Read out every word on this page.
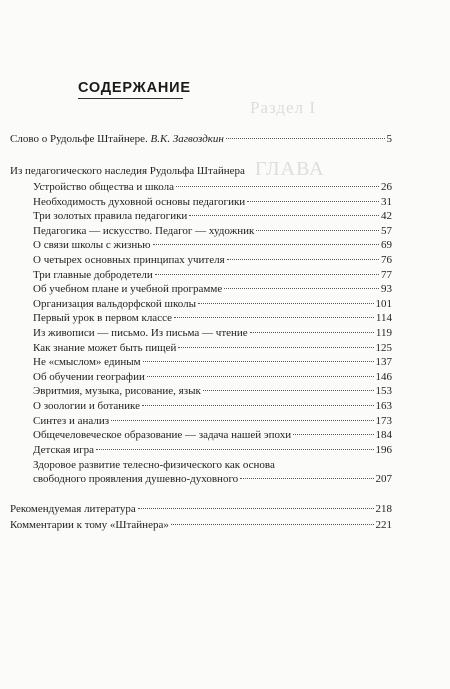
Раздел I
ГЛАВА
СОДЕРЖАНИЕ
Слово о Рудольфе Штайнере. В.К. Загвоздкин	5
Из педагогического наследия Рудольфа Штайнера
Устройство общества и школа	26
Необходимость духовной основы педагогики	31
Три золотых правила педагогики	42
Педагогика — искусство. Педагог — художник	57
О связи школы с жизнью	69
О четырех основных принципах учителя	76
Три главные добродетели	77
Об учебном плане и учебной программе	93
Организация вальдорфской школы	101
Первый урок в первом классе	114
Из живописи — письмо. Из письма — чтение	119
Как знание может быть пищей	125
Не «смыслом» единым	137
Об обучении географии	146
Эвритмия, музыка, рисование, язык	153
О зоологии и ботанике	163
Синтез и анализ	173
Общечеловеческое образование — задача нашей эпохи	184
Детская игра	196
Здоровое развитие телесно-физического как основа
свободного проявления душевно-духовного	207
Рекомендуемая литература	218
Комментарии к тому «Штайнера»	221
